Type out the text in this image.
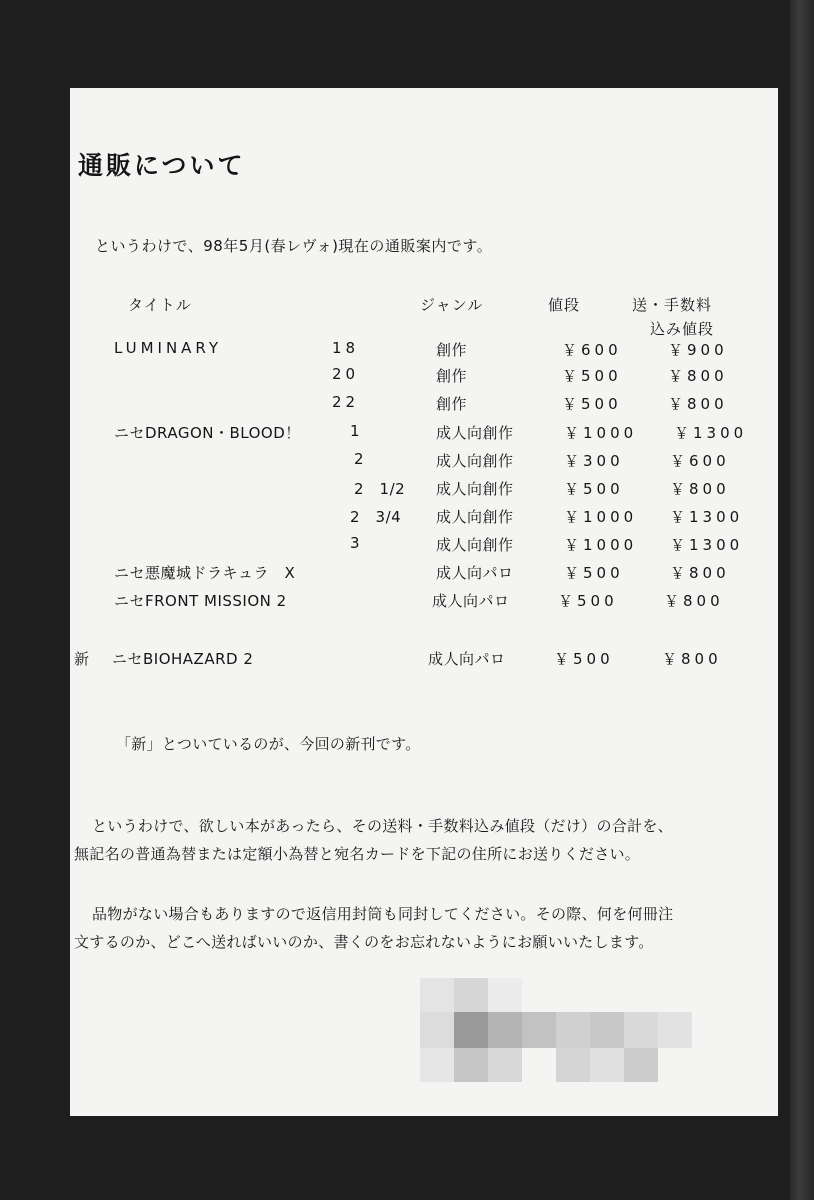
通販について
というわけで、98年5月(春レヴォ)現在の通販案内です。
タイトル	ジャンル	値段	送・手数料
込み値段
LUMINARY	18	創作	￥600	￥900
20	創作	￥500	￥800
22	創作	￥500	￥800
ニセDRAGON・BLOOD！	1	成人向創作	￥1000 ￥1300
2	成人向創作	￥300	￥600
2　1/2 成人向創作	￥500	￥800
2　3/4 成人向創作	￥1000 ￥1300
3	成人向創作	￥1000 ￥1300
ニセ悪魔城ドラキュラ　X	成人向パロ	￥500	￥800
ニセFRONT MISSION 2	成人向パロ	￥500	￥800
新 ニセBIOHAZARD 2	成人向パロ	￥500	￥800
「新」とついているのが、今回の新刊です。
というわけで、欲しい本があったら、その送料・手数料込み値段（だけ）の合計を、
無記名の普通為替または定額小為替と宛名カードを下記の住所にお送りください。
品物がない場合もありますので返信用封筒も同封してください。その際、何を何冊注
文するのか、どこへ送ればいいのか、書くのをお忘れないようにお願いいたします。
